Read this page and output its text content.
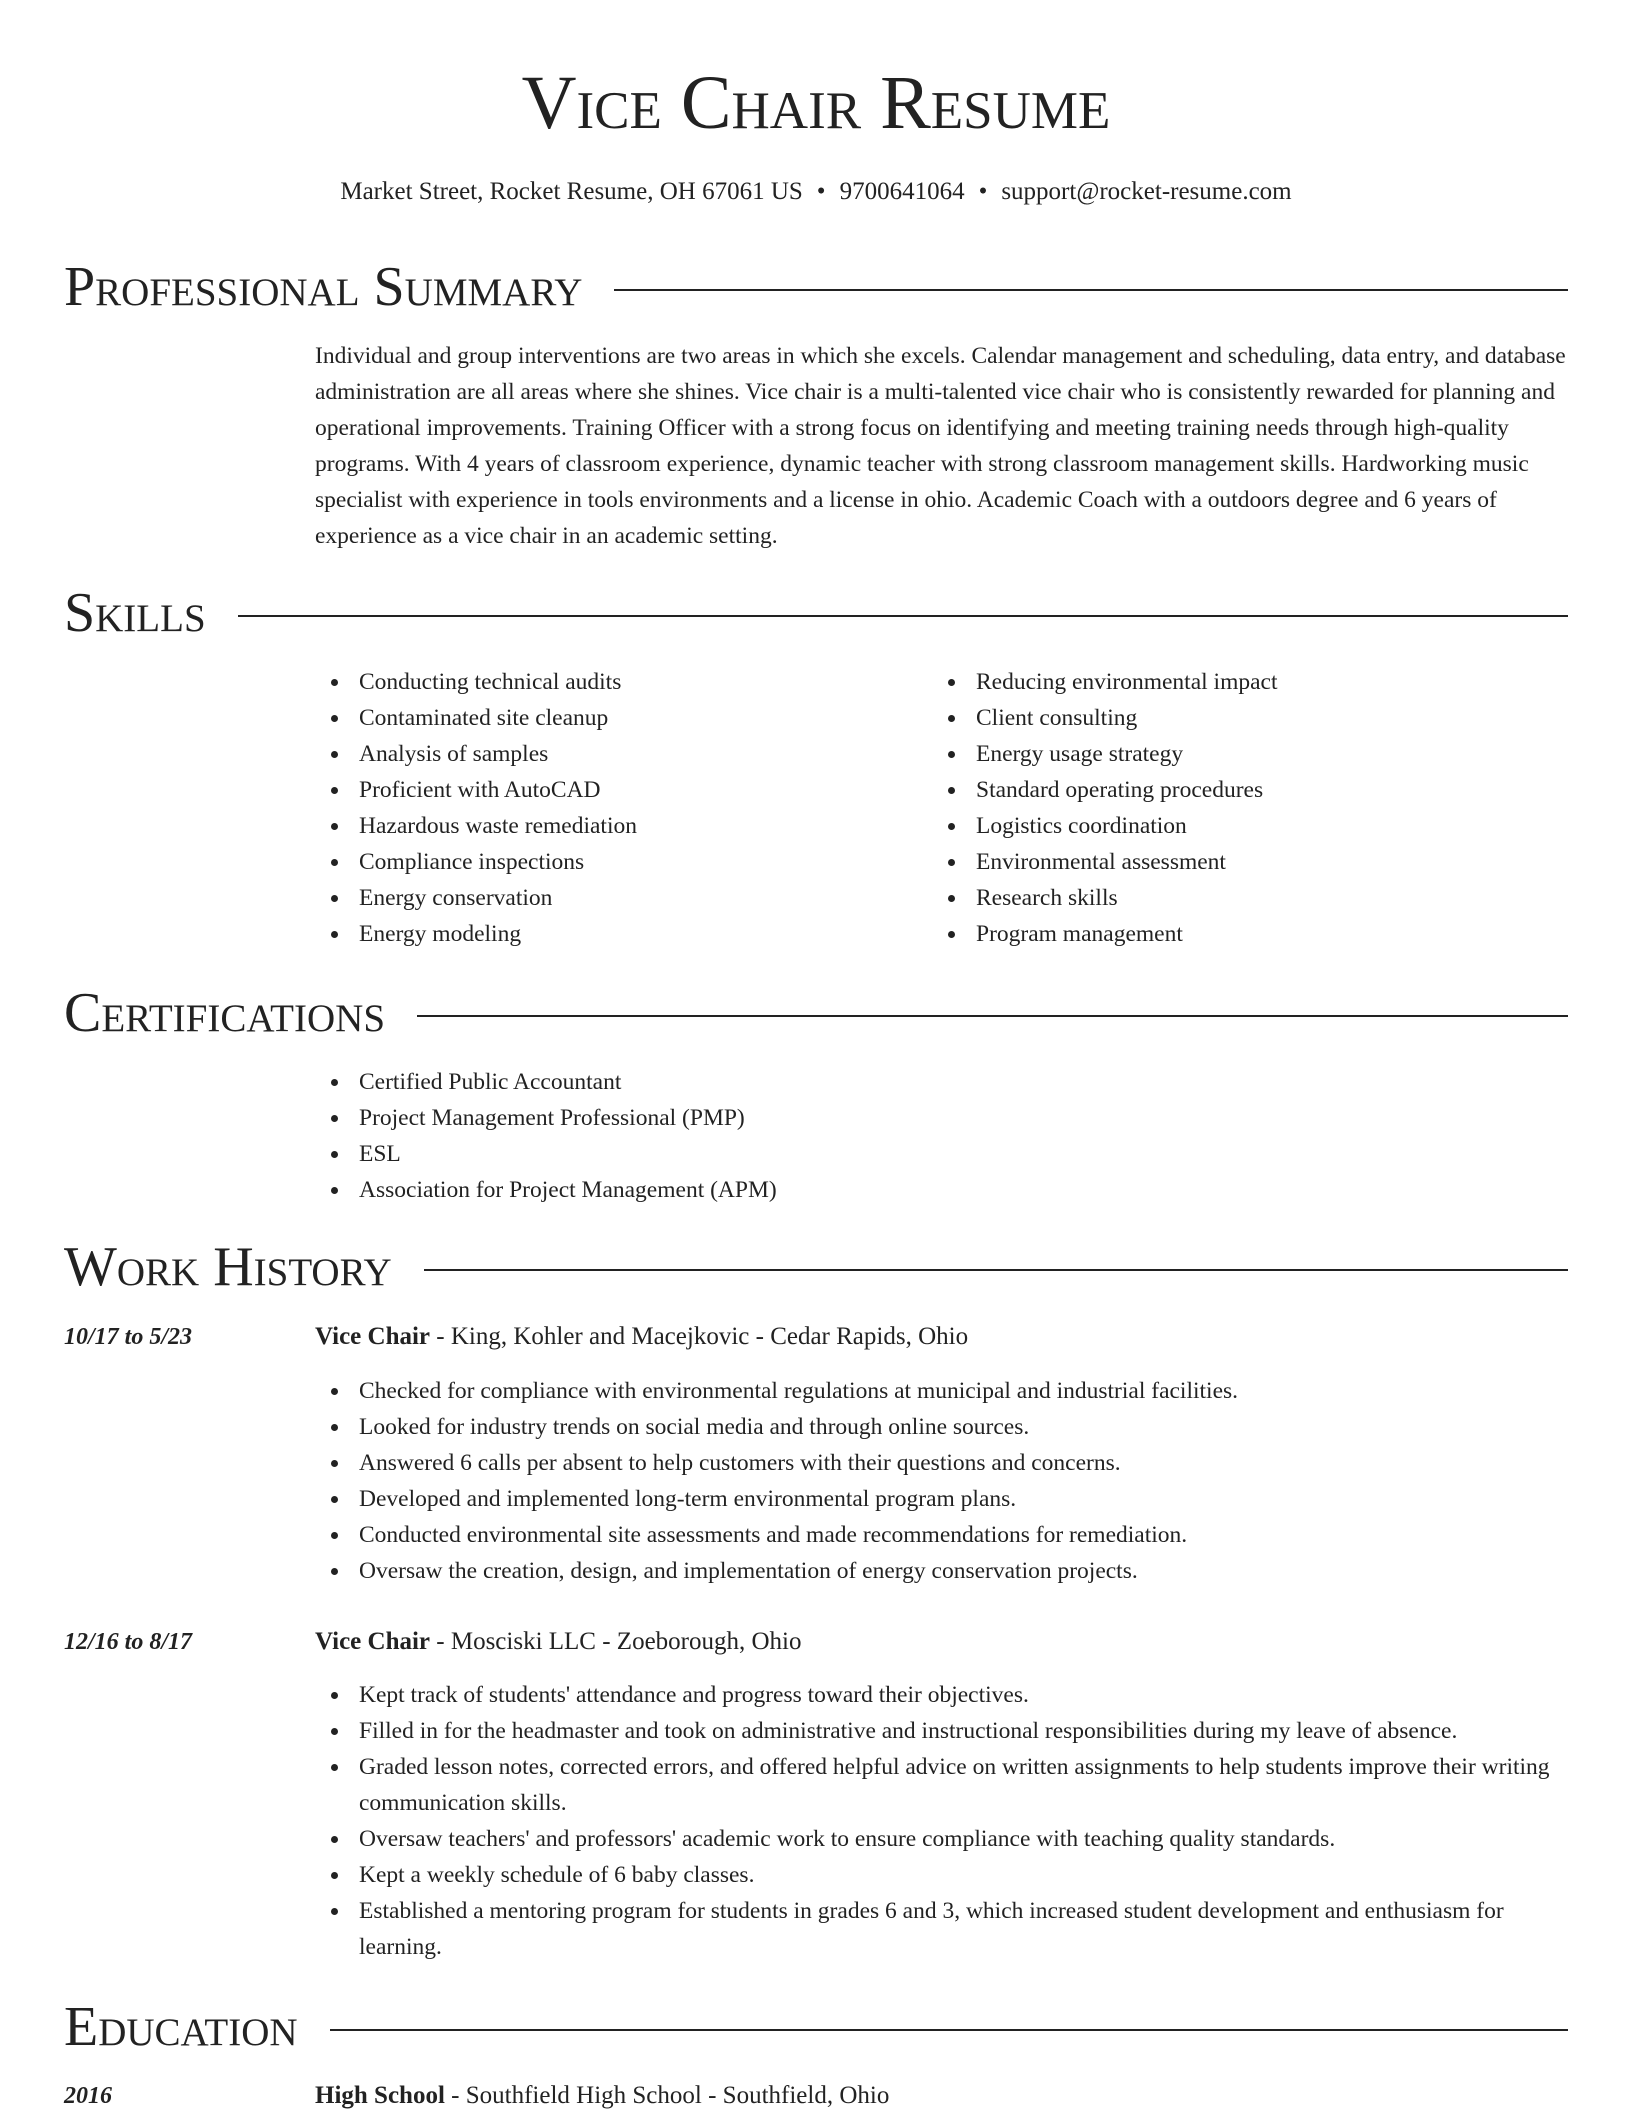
Vice Chair Resume
Market Street, Rocket Resume, OH 67061 US • 9700641064 • support@rocket-resume.com
Professional Summary

Individual and group interventions are two areas in which she excels. Calendar management and scheduling, data entry, and database administration are all areas where she shines. Vice chair is a multi-talented vice chair who is consistently rewarded for planning and operational improvements. Training Officer with a strong focus on identifying and meeting training needs through high-quality programs. With 4 years of classroom experience, dynamic teacher with strong classroom management skills. Hardworking music specialist with experience in tools environments and a license in ohio. Academic Coach with a outdoors degree and 6 years of experience as a vice chair in an academic setting.

Skills
Conducting technical audits
Contaminated site cleanup
Analysis of samples
Proficient with AutoCAD
Hazardous waste remediation
Compliance inspections
Energy conservation
Energy modeling
Reducing environmental impact
Client consulting
Energy usage strategy
Standard operating procedures
Logistics coordination
Environmental assessment
Research skills
Program management
Certifications
Certified Public Accountant
Project Management Professional (PMP)
ESL
Association for Project Management (APM)
Work History
10/17 to 5/23	Vice Chair - King, Kohler and Macejkovic - Cedar Rapids, Ohio
Checked for compliance with environmental regulations at municipal and industrial facilities.
Looked for industry trends on social media and through online sources.
Answered 6 calls per absent to help customers with their questions and concerns.
Developed and implemented long-term environmental program plans.
Conducted environmental site assessments and made recommendations for remediation.
Oversaw the creation, design, and implementation of energy conservation projects.
12/16 to 8/17	Vice Chair - Mosciski LLC - Zoeborough, Ohio
Kept track of students' attendance and progress toward their objectives.
Filled in for the headmaster and took on administrative and instructional responsibilities during my leave of absence.
Graded lesson notes, corrected errors, and offered helpful advice on written assignments to help students improve their writing communication skills.
Oversaw teachers' and professors' academic work to ensure compliance with teaching quality standards.
Kept a weekly schedule of 6 baby classes.
Established a mentoring program for students in grades 6 and 3, which increased student development and enthusiasm for learning.
Education
2016	High School - Southfield High School - Southfield, Ohio
